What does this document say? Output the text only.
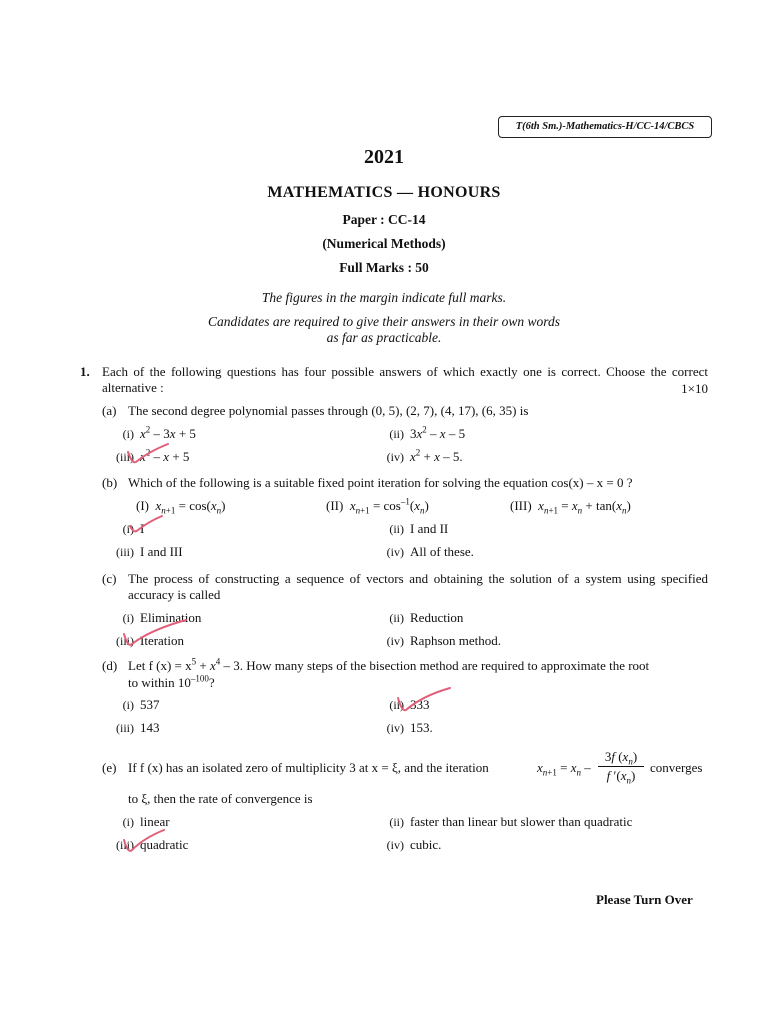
T(6th Sm.)-Mathematics-H/CC-14/CBCS
2021
MATHEMATICS — HONOURS
Paper : CC-14
(Numerical Methods)
Full Marks : 50
The figures in the margin indicate full marks.
Candidates are required to give their answers in their own words
as far as practicable.
1. Each of the following questions has four possible answers of which exactly one is correct. Choose the correct alternative :	1×10
(a) The second degree polynomial passes through (0, 5), (2, 7), (4, 17), (6, 35) is
(i) $x^2 - 3x + 5$	(ii) $3x^2$ – x – 5
(iii) $x^2 - x + 5$	(iv) $x^2 + x - 5$.
(b) Which of the following is a suitable fixed point iteration for solving the equation cos(x) – x = 0 ?
(I) $x_{n+1} = \cos(x_n)$	(II) $x_{n+1} = \cos^{-1}(x_n)$	(III) $x_{n+1} = x_n + \tan(x_n)$
(i) I	(ii) I and II
(iii) I and III	(iv) All of these.
(c) The process of constructing a sequence of vectors and obtaining the solution of a system using specified accuracy is called
(i) Elimination	(ii) Reduction
(iii) Iteration	(iv) Raphson method.
(d) Let f $(x) = x^5 + x^4 - 3$. How many steps of the bisection method are required to approximate the root
to within $10^{-100}$?
(i) 537	(ii) 333
(iii) 143	(iv) 153.
(e) If f (x) has an isolated zero of multiplicity 3 at x = ξ, and the iteration	$x_{n+1} = x_n$ –
3f $(x_n)$
f $'(x_n)$
converges
to ξ, then the rate of convergence is
(i) linear	(ii) faster than linear but slower than quadratic
(iii) quadratic	(iv) cubic.
Please Turn Over
